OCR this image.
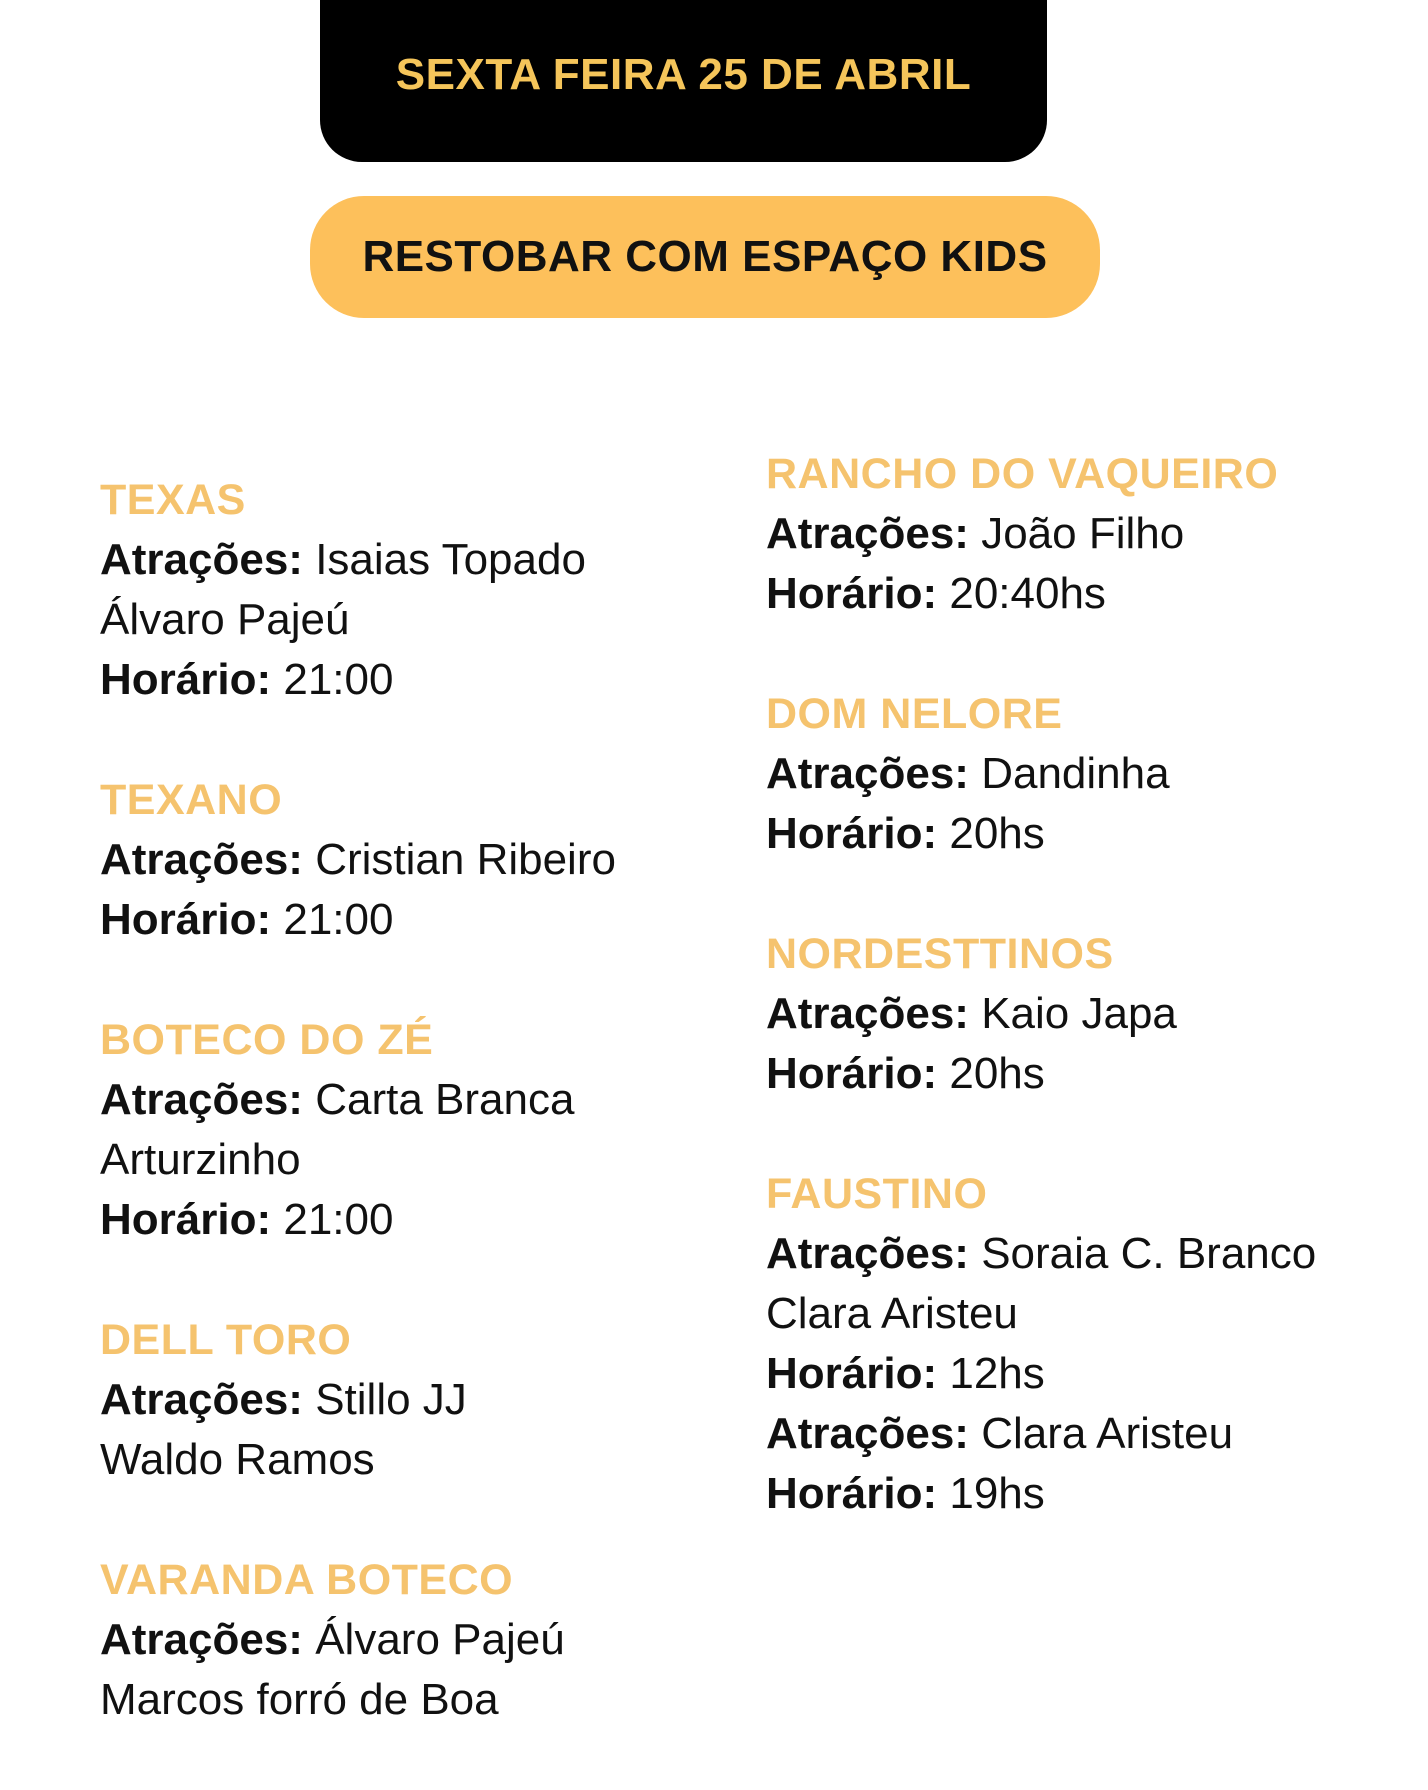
SEXTA FEIRA 25 DE ABRIL
RESTOBAR COM ESPAÇO KIDS
TEXAS
Atrações: Isaias Topado
Álvaro Pajeú
Horário: 21:00
TEXANO
Atrações: Cristian Ribeiro
Horário: 21:00
BOTECO DO ZÉ
Atrações: Carta Branca
Arturzinho
Horário: 21:00
DELL TORO
Atrações: Stillo JJ
Waldo Ramos
VARANDA BOTECO
Atrações: Álvaro Pajeú
Marcos forró de Boa
RANCHO DO VAQUEIRO
Atrações: João Filho
Horário: 20:40hs
DOM NELORE
Atrações: Dandinha
Horário: 20hs
NORDESTTINOS
Atrações: Kaio Japa
Horário: 20hs
FAUSTINO
Atrações: Soraia C. Branco
Clara Aristeu
Horário: 12hs
Atrações: Clara Aristeu
Horário: 19hs
